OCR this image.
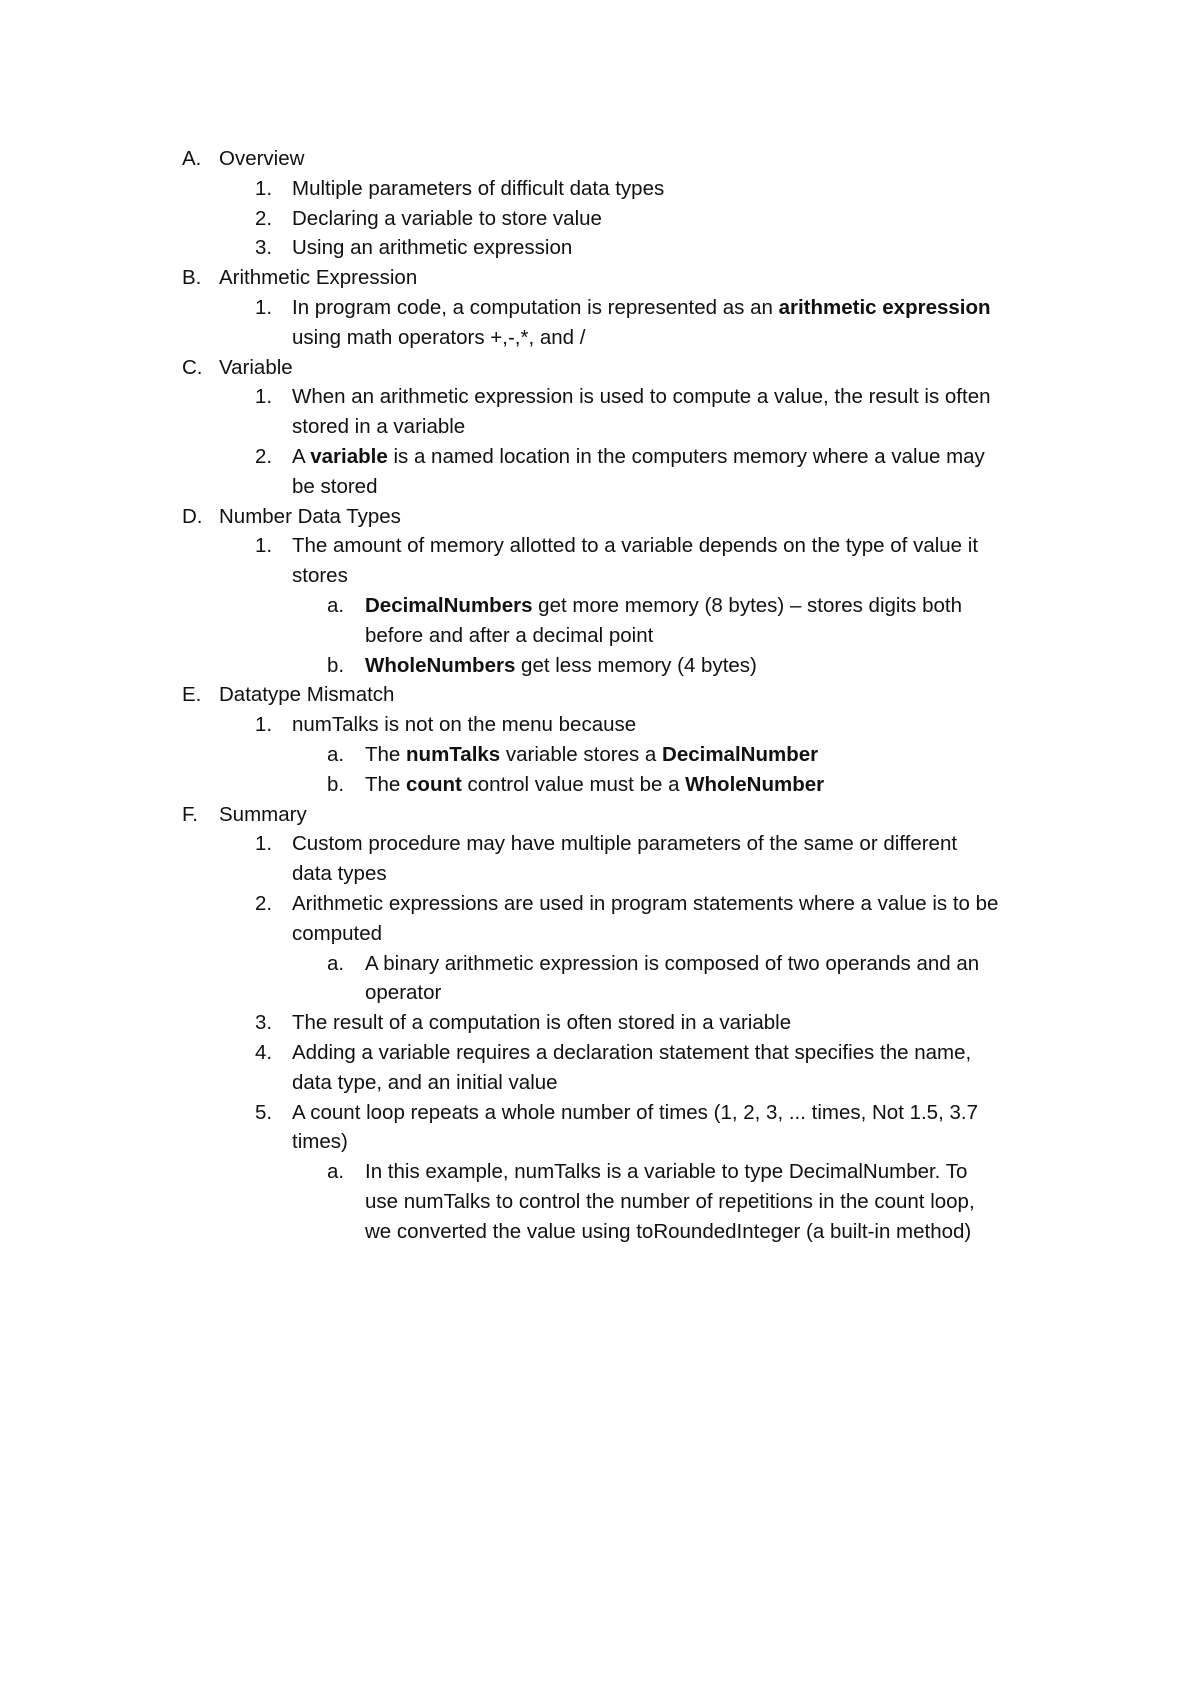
A. Overview
1. Multiple parameters of difficult data types
2. Declaring a variable to store value
3. Using an arithmetic expression
B. Arithmetic Expression
1. In program code, a computation is represented as an arithmetic expression
using math operators +,-,*, and /
C. Variable
1. When an arithmetic expression is used to compute a value, the result is often
stored in a variable
2. A variable is a named location in the computers memory where a value may
be stored
D. Number Data Types
1. The amount of memory allotted to a variable depends on the type of value it
stores
a. DecimalNumbers get more memory (8 bytes) – stores digits both
before and after a decimal point
b. WholeNumbers get less memory (4 bytes)
E. Datatype Mismatch
1. numTalks is not on the menu because
a. The numTalks variable stores a DecimalNumber
b. The count control value must be a WholeNumber
F. Summary
1. Custom procedure may have multiple parameters of the same or different
data types
2. Arithmetic expressions are used in program statements where a value is to be
computed
a. A binary arithmetic expression is composed of two operands and an
operator
3. The result of a computation is often stored in a variable
4. Adding a variable requires a declaration statement that specifies the name,
data type, and an initial value
5. A count loop repeats a whole number of times (1, 2, 3, ... times, Not 1.5, 3.7
times)
a. In this example, numTalks is a variable to type DecimalNumber. To
use numTalks to control the number of repetitions in the count loop,
we converted the value using toRoundedInteger (a built-in method)
